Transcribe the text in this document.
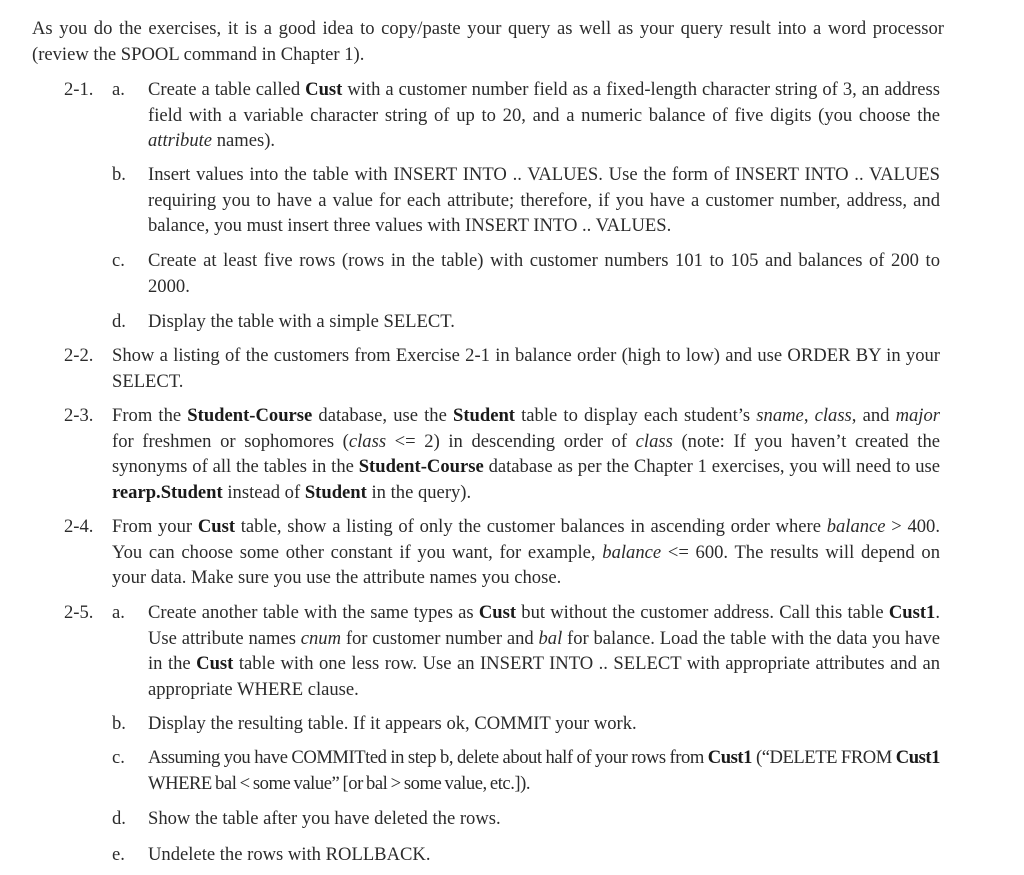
As you do the exercises, it is a good idea to copy/paste your query as well as your query result into a word processor (review the SPOOL command in Chapter 1).
2-1. a.	Create a table called Cust with a customer number field as a fixed-length character string of 3, an address field with a variable character string of up to 20, and a numeric balance of five digits (you choose the attribute names).
b.	Insert values into the table with INSERT INTO .. VALUES. Use the form of INSERT INTO .. VALUES requiring you to have a value for each attribute; therefore, if you have a customer number, address, and balance, you must insert three values with INSERT INTO .. VALUES.
c.	Create at least five rows (rows in the table) with customer numbers 101 to 105 and balances of 200 to 2000.
d.	Display the table with a simple SELECT.
2-2. Show a listing of the customers from Exercise 2-1 in balance order (high to low) and use ORDER BY in your SELECT.
2-3. From the Student-Course database, use the Student table to display each student’s sname, class, and major for freshmen or sophomores (class <= 2) in descending order of class (note: If you haven’t created the synonyms of all the tables in the Student-Course database as per the Chapter 1 exercises, you will need to use rearp.Student instead of Student in the query).
2-4. From your Cust table, show a listing of only the customer balances in ascending order where balance > 400. You can choose some other constant if you want, for example, balance <= 600. The results will depend on your data. Make sure you use the attribute names you chose.
2-5. a.	Create another table with the same types as Cust but without the customer address. Call this table Cust1. Use attribute names cnum for customer number and bal for balance. Load the table with the data you have in the Cust table with one less row. Use an INSERT INTO .. SELECT with appropriate attributes and an appropriate WHERE clause.
b.	Display the resulting table. If it appears ok, COMMIT your work.
c.	Assuming you have COMMITted in step b, delete about half of your rows from Cust1 (“DELETE FROM Cust1 WHERE bal < some value” [or bal > some value, etc.]).
d.	Show the table after you have deleted the rows.
e.	Undelete the rows with ROLLBACK.
